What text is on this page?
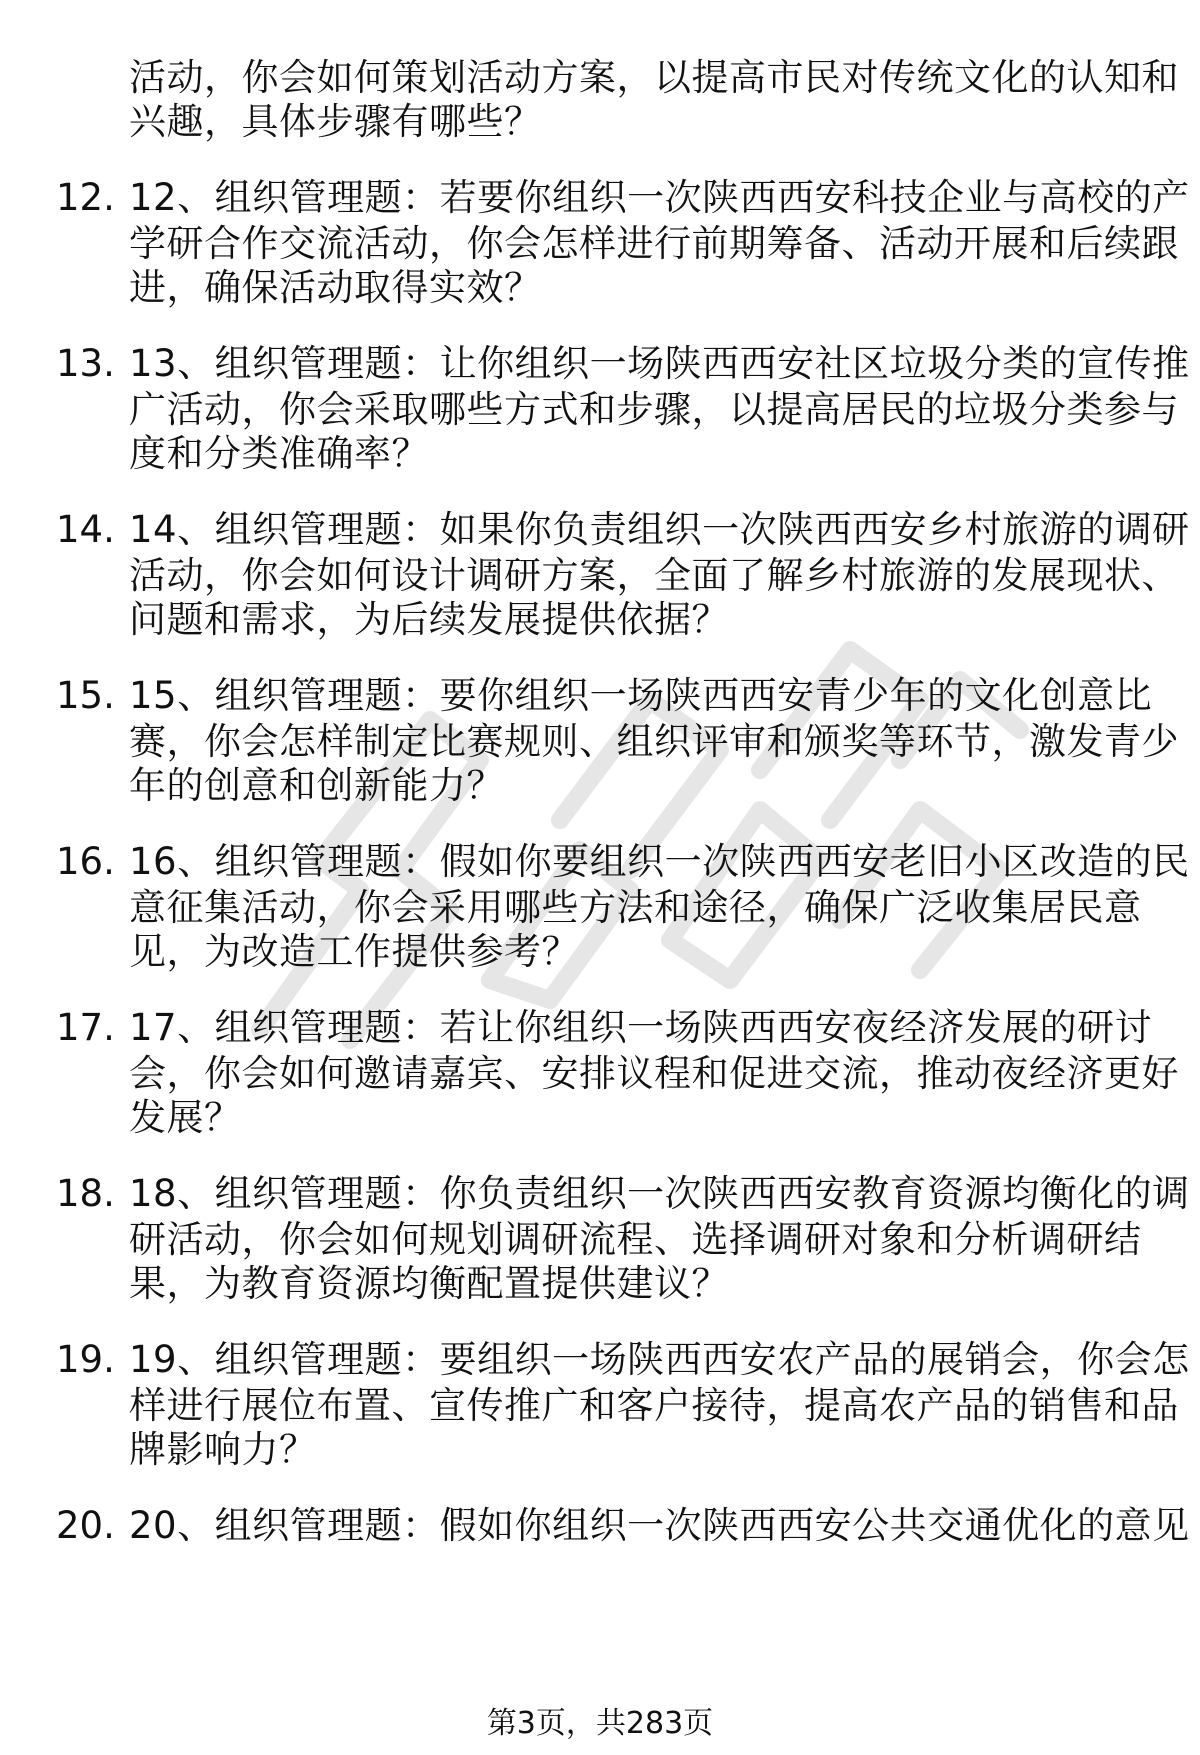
活动，你会如何策划活动方案，以提高市民对传统文化的认知和
兴趣，具体步骤有哪些？
12. 12、组织管理题：若要你组织一次陕西西安科技企业与高校的产
学研合作交流活动，你会怎样进行前期筹备、活动开展和后续跟
进，确保活动取得实效？
13. 13、组织管理题：让你组织一场陕西西安社区垃圾分类的宣传推
广活动，你会采取哪些方式和步骤，以提高居民的垃圾分类参与
度和分类准确率？
14. 14、组织管理题：如果你负责组织一次陕西西安乡村旅游的调研
活动，你会如何设计调研方案，全面了解乡村旅游的发展现状、
问题和需求，为后续发展提供依据？
15. 15、组织管理题：要你组织一场陕西西安青少年的文化创意比
赛，你会怎样制定比赛规则、组织评审和颁奖等环节，激发青少
年的创意和创新能力？
16. 16、组织管理题：假如你要组织一次陕西西安老旧小区改造的民
意征集活动，你会采用哪些方法和途径，确保广泛收集居民意
见，为改造工作提供参考？
17. 17、组织管理题：若让你组织一场陕西西安夜经济发展的研讨
会，你会如何邀请嘉宾、安排议程和促进交流，推动夜经济更好
发展？
18. 18、组织管理题：你负责组织一次陕西西安教育资源均衡化的调
研活动，你会如何规划调研流程、选择调研对象和分析调研结
果，为教育资源均衡配置提供建议？
19. 19、组织管理题：要组织一场陕西西安农产品的展销会，你会怎
样进行展位布置、宣传推广和客户接待，提高农产品的销售和品
牌影响力？
20. 20、组织管理题：假如你组织一次陕西西安公共交通优化的意见
第3页，共283页
